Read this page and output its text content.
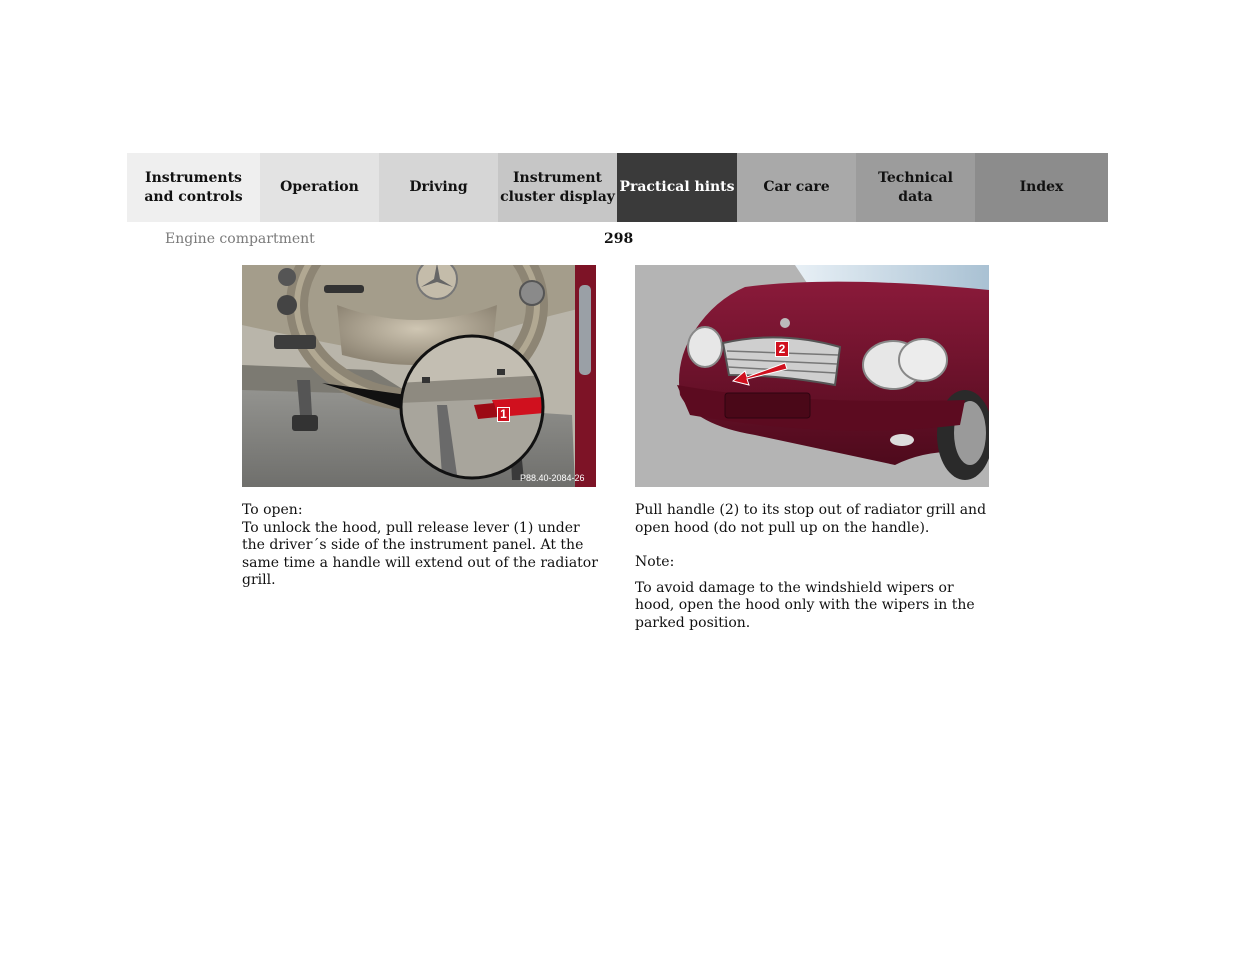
Instruments
and controls
Operation	Driving
Instrument
cluster display
Practical hints	Car care
Technical
data
Index
Engine compartment	298
1
P88.40-2084-26
2

To open:

To unlock the hood, pull release lever (1) under the driver´s side of the instrument panel. At the same time a handle will extend out of the radiator grill.

Pull handle (2) to its stop out of radiator grill and open hood (do not pull up on the handle).

Note:

To avoid damage to the windshield wipers or hood, open the hood only with the wipers in the parked position.
